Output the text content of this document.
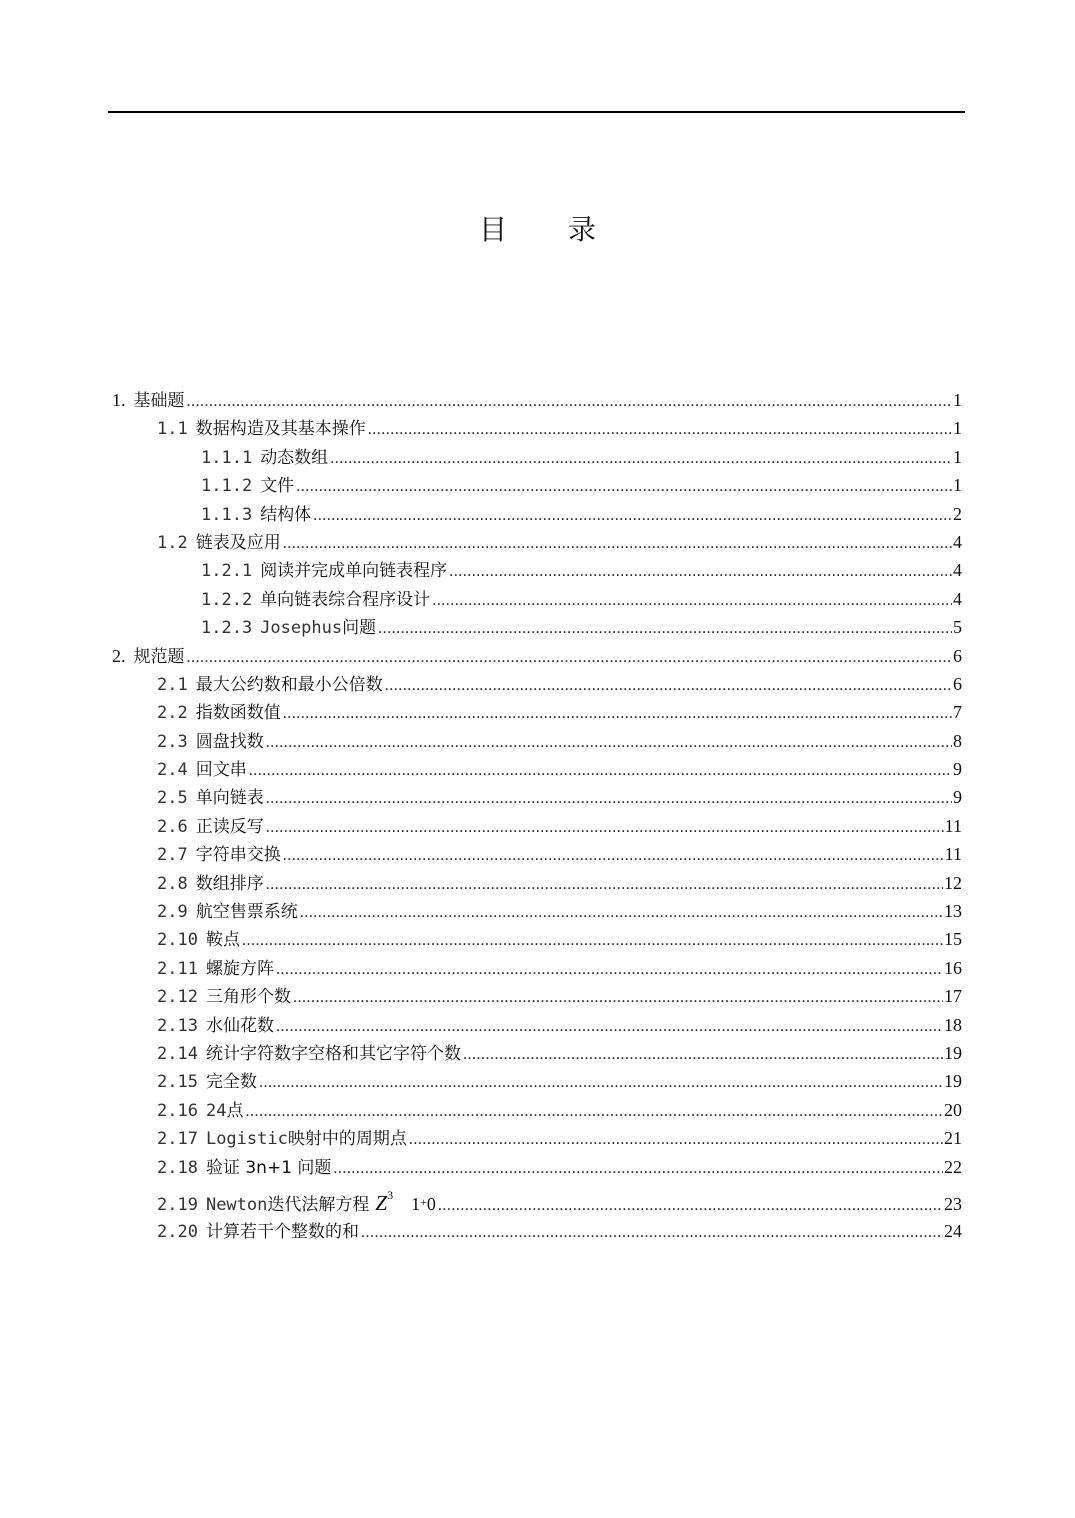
目 录
1. 基础题 .....	1
1.1 数据构造及其基本操作 .....	1
1.1.1 动态数组 .....	1
1.1.2 文件 .....	1
1.1.3 结构体 .....	2
1.2 链表及应用 .....	4
1.2.1 阅读并完成单向链表程序 .....	4
1.2.2 单向链表综合程序设计 .....	4
1.2.3 Josephus问题 .....	5
2. 规范题 .....	6
2.1 最大公约数和最小公倍数 .....	6
2.2 指数函数值 .....	7
2.3 圆盘找数 .....	8
2.4 回文串 .....	9
2.5 单向链表 .....	9
2.6 正读反写 .....	11
2.7 字符串交换 .....	11
2.8 数组排序 .....	12
2.9 航空售票系统 .....	13
2.10 鞍点 .....	15
2.11 螺旋方阵 .....	16
2.12 三角形个数 .....	17
2.13 水仙花数 .....	18
2.14 统计字符数字空格和其它字符个数 .....	19
2.15 完全数 .....	19
2.16 24点 .....	20
2.17 Logistic映射中的周期点 .....	21
2.18 验证 3n+1 问题 .....	22
2.19 Newton迭代法解方程 $Z^3$ 1+0 .....	23
2.20 计算若干个整数的和 .....	24
